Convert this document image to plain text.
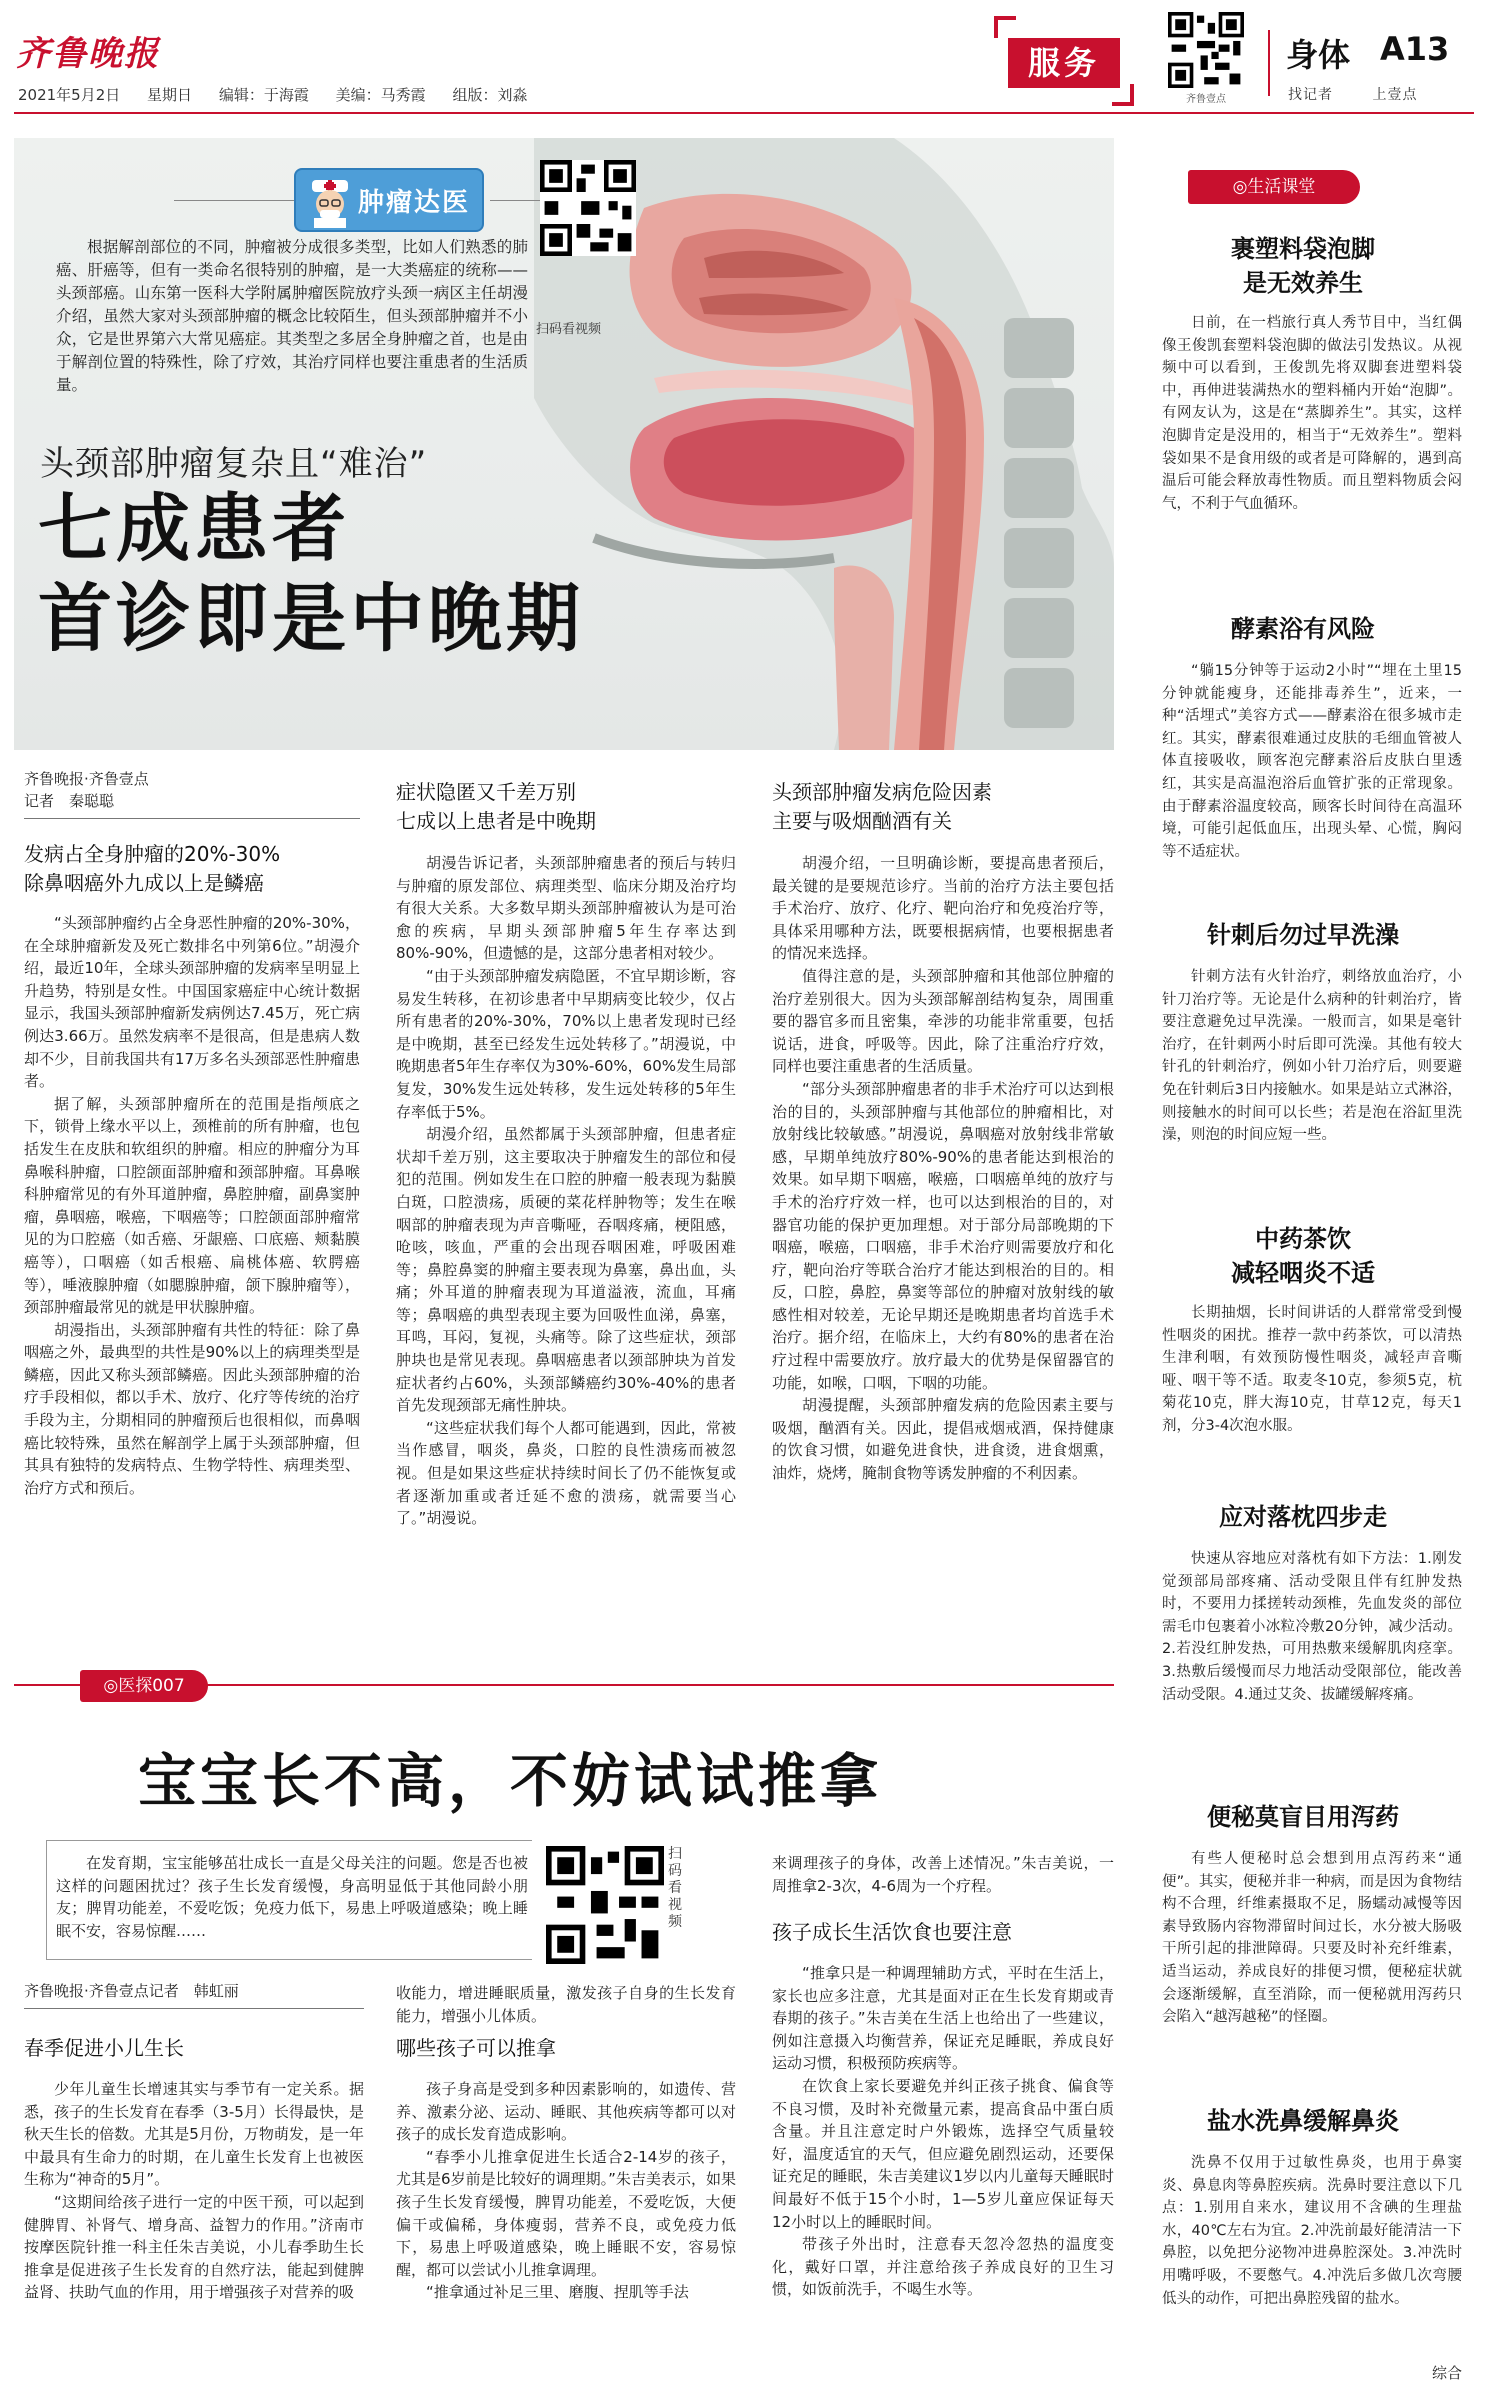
齐鲁晚报
2021年5月2日 星期日 编辑：于海霞 美编：马秀霞 组版：刘淼
服务
齐鲁壹点
身体 A13
找记者	上壹点
肿瘤达医
扫码看视频
根据解剖部位的不同，肿瘤被分成很多类型，比如人们熟悉的肺癌、肝癌等，但有一类命名很特别的肿瘤，是一大类癌症的统称——头颈部癌。山东第一医科大学附属肿瘤医院放疗头颈一病区主任胡漫介绍，虽然大家对头颈部肿瘤的概念比较陌生，但头颈部肿瘤并不小众，它是世界第六大常见癌症。其类型之多居全身肿瘤之首，也是由于解剖位置的特殊性，除了疗效，其治疗同样也要注重患者的生活质量。
头颈部肿瘤复杂且“难治”
七成患者
首诊即是中晚期
齐鲁晚报·齐鲁壹点
记者　秦聪聪
发病占全身肿瘤的20%-30%
除鼻咽癌外九成以上是鳞癌

“头颈部肿瘤约占全身恶性肿瘤的20%-30%，在全球肿瘤新发及死亡数排名中列第6位。”胡漫介绍，最近10年，全球头颈部肿瘤的发病率呈明显上升趋势，特别是女性。中国国家癌症中心统计数据显示，我国头颈部肿瘤新发病例达7.45万，死亡病例达3.66万。虽然发病率不是很高，但是患病人数却不少，目前我国共有17万多名头颈部恶性肿瘤患者。

据了解，头颈部肿瘤所在的范围是指颅底之下，锁骨上缘水平以上，颈椎前的所有肿瘤，也包括发生在皮肤和软组织的肿瘤。相应的肿瘤分为耳鼻喉科肿瘤，口腔颌面部肿瘤和颈部肿瘤。耳鼻喉科肿瘤常见的有外耳道肿瘤，鼻腔肿瘤，副鼻窦肿瘤，鼻咽癌，喉癌，下咽癌等；口腔颌面部肿瘤常见的为口腔癌（如舌癌、牙龈癌、口底癌、颊黏膜癌等），口咽癌（如舌根癌、扁桃体癌、软腭癌等），唾液腺肿瘤（如腮腺肿瘤，颌下腺肿瘤等），颈部肿瘤最常见的就是甲状腺肿瘤。

胡漫指出，头颈部肿瘤有共性的特征：除了鼻咽癌之外，最典型的共性是90%以上的病理类型是鳞癌，因此又称头颈部鳞癌。因此头颈部肿瘤的治疗手段相似，都以手术、放疗、化疗等传统的治疗手段为主，分期相同的肿瘤预后也很相似，而鼻咽癌比较特殊，虽然在解剖学上属于头颈部肿瘤，但其具有独特的发病特点、生物学特性、病理类型、治疗方式和预后。

症状隐匿又千差万别
七成以上患者是中晚期

胡漫告诉记者，头颈部肿瘤患者的预后与转归与肿瘤的原发部位、病理类型、临床分期及治疗均有很大关系。大多数早期头颈部肿瘤被认为是可治愈的疾病，早期头颈部肿瘤5年生存率达到80%-90%，但遗憾的是，这部分患者相对较少。

“由于头颈部肿瘤发病隐匿，不宜早期诊断，容易发生转移，在初诊患者中早期病变比较少，仅占所有患者的20%-30%，70%以上患者发现时已经是中晚期，甚至已经发生远处转移了。”胡漫说，中晚期患者5年生存率仅为30%-60%，60%发生局部复发，30%发生远处转移，发生远处转移的5年生存率低于5%。

胡漫介绍，虽然都属于头颈部肿瘤，但患者症状却千差万别，这主要取决于肿瘤发生的部位和侵犯的范围。例如发生在口腔的肿瘤一般表现为黏膜白斑，口腔溃疡，质硬的菜花样肿物等；发生在喉咽部的肿瘤表现为声音嘶哑，吞咽疼痛，梗阻感，呛咳，咳血，严重的会出现吞咽困难，呼吸困难等；鼻腔鼻窦的肿瘤主要表现为鼻塞，鼻出血，头痛；外耳道的肿瘤表现为耳道溢液，流血，耳痛等；鼻咽癌的典型表现主要为回吸性血涕，鼻塞，耳鸣，耳闷，复视，头痛等。除了这些症状，颈部肿块也是常见表现。鼻咽癌患者以颈部肿块为首发症状者约占60%，头颈部鳞癌约30%-40%的患者首先发现颈部无痛性肿块。

“这些症状我们每个人都可能遇到，因此，常被当作感冒，咽炎，鼻炎，口腔的良性溃疡而被忽视。但是如果这些症状持续时间长了仍不能恢复或者逐渐加重或者迁延不愈的溃疡，就需要当心了。”胡漫说。

头颈部肿瘤发病危险因素
主要与吸烟酗酒有关

胡漫介绍，一旦明确诊断，要提高患者预后，最关键的是要规范诊疗。当前的治疗方法主要包括手术治疗、放疗、化疗、靶向治疗和免疫治疗等，具体采用哪种方法，既要根据病情，也要根据患者的情况来选择。

值得注意的是，头颈部肿瘤和其他部位肿瘤的治疗差别很大。因为头颈部解剖结构复杂，周围重要的器官多而且密集，牵涉的功能非常重要，包括说话，进食，呼吸等。因此，除了注重治疗疗效，同样也要注重患者的生活质量。

“部分头颈部肿瘤患者的非手术治疗可以达到根治的目的，头颈部肿瘤与其他部位的肿瘤相比，对放射线比较敏感。”胡漫说，鼻咽癌对放射线非常敏感，早期单纯放疗80%-90%的患者能达到根治的效果。如早期下咽癌，喉癌，口咽癌单纯的放疗与手术的治疗疗效一样，也可以达到根治的目的，对器官功能的保护更加理想。对于部分局部晚期的下咽癌，喉癌，口咽癌，非手术治疗则需要放疗和化疗，靶向治疗等联合治疗才能达到根治的目的。相反，口腔，鼻腔，鼻窦等部位的肿瘤对放射线的敏感性相对较差，无论早期还是晚期患者均首选手术治疗。据介绍，在临床上，大约有80%的患者在治疗过程中需要放疗。放疗最大的优势是保留器官的功能，如喉，口咽，下咽的功能。

胡漫提醒，头颈部肿瘤发病的危险因素主要与吸烟，酗酒有关。因此，提倡戒烟戒酒，保持健康的饮食习惯，如避免进食快，进食烫，进食烟熏，油炸，烧烤，腌制食物等诱发肿瘤的不利因素。

◎生活课堂
裹塑料袋泡脚
是无效养生
日前，在一档旅行真人秀节目中，当红偶像王俊凯套塑料袋泡脚的做法引发热议。从视频中可以看到，王俊凯先将双脚套进塑料袋中，再伸进装满热水的塑料桶内开始“泡脚”。有网友认为，这是在“蒸脚养生”。其实，这样泡脚肯定是没用的，相当于“无效养生”。塑料袋如果不是食用级的或者是可降解的，遇到高温后可能会释放毒性物质。而且塑料物质会闷气，不利于气血循环。
酵素浴有风险
“躺15分钟等于运动2小时”“埋在土里15分钟就能瘦身，还能排毒养生”，近来，一种“活埋式”美容方式——酵素浴在很多城市走红。其实，酵素很难通过皮肤的毛细血管被人体直接吸收，顾客泡完酵素浴后皮肤白里透红，其实是高温泡浴后血管扩张的正常现象。由于酵素浴温度较高，顾客长时间待在高温环境，可能引起低血压，出现头晕、心慌，胸闷等不适症状。
针刺后勿过早洗澡
针刺方法有火针治疗，刺络放血治疗，小针刀治疗等。无论是什么病种的针刺治疗，皆要注意避免过早洗澡。一般而言，如果是毫针治疗，在针刺两小时后即可洗澡。其他有较大针孔的针刺治疗，例如小针刀治疗后，则要避免在针刺后3日内接触水。如果是站立式淋浴，则接触水的时间可以长些；若是泡在浴缸里洗澡，则泡的时间应短一些。
中药茶饮
减轻咽炎不适
长期抽烟，长时间讲话的人群常常受到慢性咽炎的困扰。推荐一款中药茶饮，可以清热生津利咽，有效预防慢性咽炎，减轻声音嘶哑、咽干等不适。取麦冬10克，参须5克，杭菊花10克，胖大海10克，甘草12克，每天1剂，分3-4次泡水服。
应对落枕四步走
快速从容地应对落枕有如下方法：1.刚发觉颈部局部疼痛、活动受限且伴有红肿发热时，不要用力揉搓转动颈椎，先血发炎的部位需毛巾包裹着小冰粒冷敷20分钟，减少活动。2.若没红肿发热，可用热敷来缓解肌肉痉挛。3.热敷后缓慢而尽力地活动受限部位，能改善活动受限。4.通过艾灸、拔罐缓解疼痛。
便秘莫盲目用泻药
有些人便秘时总会想到用点泻药来“通便”。其实，便秘并非一种病，而是因为食物结构不合理，纤维素摄取不足，肠蠕动减慢等因素导致肠内容物滞留时间过长，水分被大肠吸干所引起的排泄障碍。只要及时补充纤维素，适当运动，养成良好的排便习惯，便秘症状就会逐渐缓解，直至消除，而一便秘就用泻药只会陷入“越泻越秘”的怪圈。
盐水洗鼻缓解鼻炎
洗鼻不仅用于过敏性鼻炎，也用于鼻窦炎、鼻息肉等鼻腔疾病。洗鼻时要注意以下几点：1.别用自来水，建议用不含碘的生理盐水，40℃左右为宜。2.冲洗前最好能清洁一下鼻腔，以免把分泌物冲进鼻腔深处。3.冲洗时用嘴呼吸，不要憋气。4.冲洗后多做几次弯腰低头的动作，可把出鼻腔残留的盐水。
综合
◎医探007
宝宝长不高，不妨试试推拿
在发育期，宝宝能够茁壮成长一直是父母关注的问题。您是否也被这样的问题困扰过？孩子生长发育缓慢，身高明显低于其他同龄小朋友；脾胃功能差，不爱吃饭；免疫力低下，易患上呼吸道感染；晚上睡眠不安，容易惊醒……
扫码看视频
齐鲁晚报·齐鲁壹点记者　韩虹丽
春季促进小儿生长

少年儿童生长增速其实与季节有一定关系。据悉，孩子的生长发育在春季（3-5月）长得最快，是秋天生长的倍数。尤其是5月份，万物萌发，是一年中最具有生命力的时期，在儿童生长发育上也被医生称为“神奇的5月”。

“这期间给孩子进行一定的中医干预，可以起到健脾胃、补肾气、增身高、益智力的作用。”济南市按摩医院针推一科主任朱吉美说，小儿春季助生长推拿是促进孩子生长发育的自然疗法，能起到健脾益肾、扶助气血的作用，用于增强孩子对营养的吸

收能力，增进睡眠质量，激发孩子自身的生长发育能力，增强小儿体质。

哪些孩子可以推拿

孩子身高是受到多种因素影响的，如遗传、营养、激素分泌、运动、睡眠、其他疾病等都可以对孩子的成长发育造成影响。

“春季小儿推拿促进生长适合2-14岁的孩子，尤其是6岁前是比较好的调理期。”朱吉美表示，如果孩子生长发育缓慢，脾胃功能差，不爱吃饭，大便偏干或偏稀，身体瘦弱，营养不良，或免疫力低下，易患上呼吸道感染，晚上睡眠不安，容易惊醒，都可以尝试小儿推拿调理。

“推拿通过补足三里、磨腹、捏肌等手法

来调理孩子的身体，改善上述情况。”朱吉美说，一周推拿2-3次，4-6周为一个疗程。

孩子成长生活饮食也要注意

“推拿只是一种调理辅助方式，平时在生活上，家长也应多注意，尤其是面对正在生长发育期或青春期的孩子。”朱吉美在生活上也给出了一些建议，例如注意摄入均衡营养，保证充足睡眠，养成良好运动习惯，积极预防疾病等。

在饮食上家长要避免并纠正孩子挑食、偏食等不良习惯，及时补充微量元素，提高食品中蛋白质含量。并且注意定时户外锻炼，选择空气质量较好，温度适宜的天气，但应避免剧烈运动，还要保证充足的睡眠，朱吉美建议1岁以内儿童每天睡眠时间最好不低于15个小时，1—5岁儿童应保证每天12小时以上的睡眠时间。

带孩子外出时，注意春天忽冷忽热的温度变化，戴好口罩，并注意给孩子养成良好的卫生习惯，如饭前洗手，不喝生水等。
